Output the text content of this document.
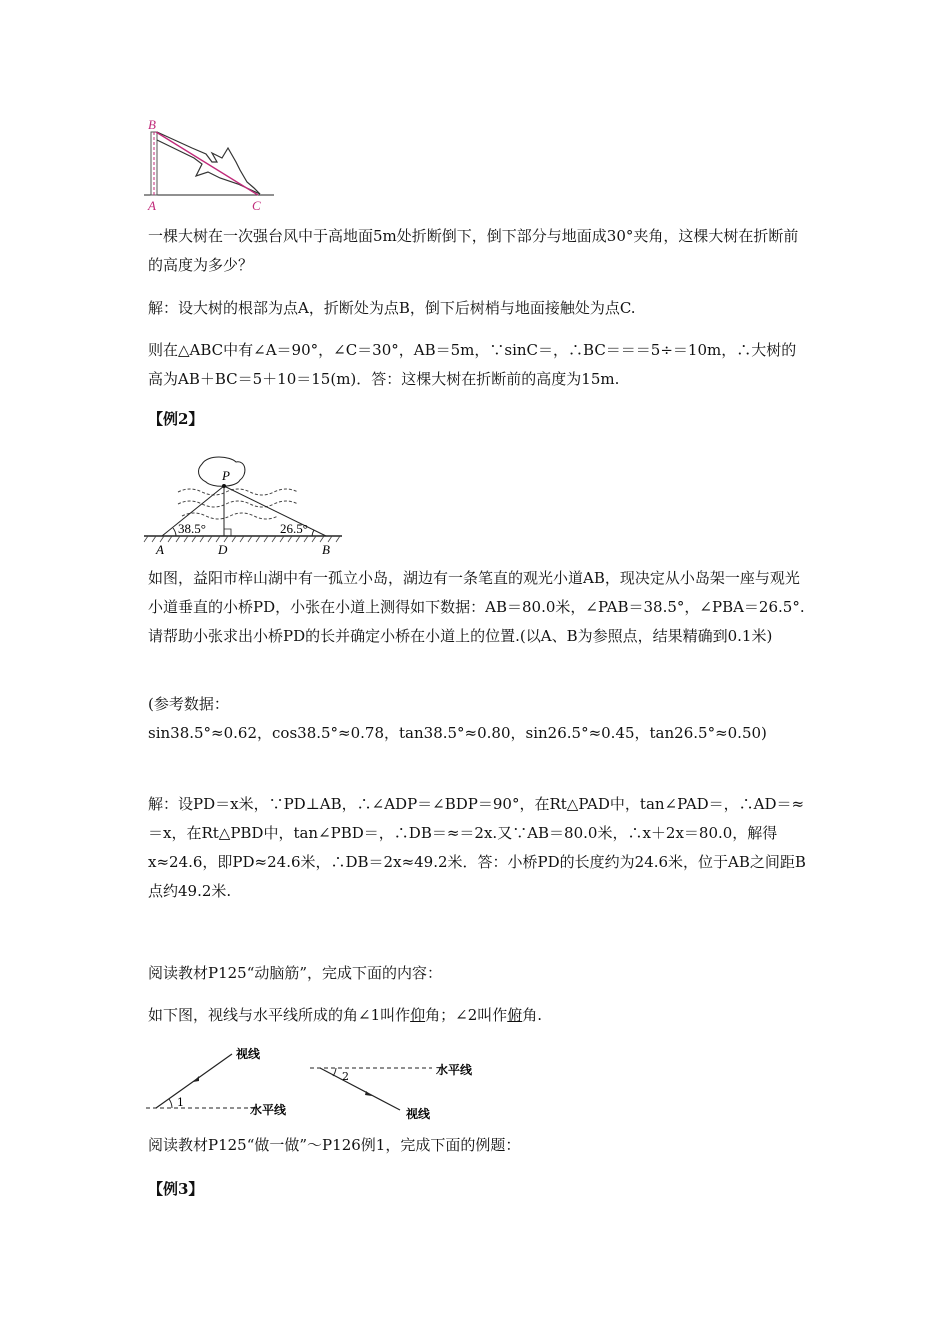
B
A	C

一棵大树在一次强台风中于高地面5m处折断倒下，倒下部分与地面成30°夹角，这棵大树在折断前的高度为多少？

解：设大树的根部为点A，折断处为点B，倒下后树梢与地面接触处为点C.

则在△ABC中有∠A＝90°，∠C＝30°，AB＝5m，∵sinC＝，∴BC＝＝＝5÷＝10m，∴大树的高为AB＋BC＝5＋10＝15(m)．答：这棵大树在折断前的高度为15m.

【例2】
P
A	D	B
38.5°	26.5°

如图，益阳市梓山湖中有一孤立小岛，湖边有一条笔直的观光小道AB，现决定从小岛架一座与观光小道垂直的小桥PD，小张在小道上测得如下数据：AB＝80.0米，∠PAB＝38.5°，∠PBA＝26.5°.请帮助小张求出小桥PD的长并确定小桥在小道上的位置.(以A、B为参照点，结果精确到0.1米)

(参考数据：

sin38.5°≈0.62，cos38.5°≈0.78，tan38.5°≈0.80，sin26.5°≈0.45，tan26.5°≈0.50)

解：设PD＝x米，∵PD⊥AB，∴∠ADP＝∠BDP＝90°，在Rt△PAD中，tan∠PAD＝，∴AD＝≈＝x，在Rt△PBD中，tan∠PBD＝，∴DB＝≈＝2x.又∵AB＝80.0米，∴x＋2x＝80.0，解得x≈24.6，即PD≈24.6米，∴DB＝2x≈49.2米．答：小桥PD的长度约为24.6米，位于AB之间距B点约49.2米.

阅读教材P125“动脑筋”，完成下面的内容：
如下图，视线与水平线所成的角∠1叫作仰角；∠2叫作俯角.
1
视线
水平线
2	水平线
视线
阅读教材P125“做一做”～P126例1，完成下面的例题：
【例3】
